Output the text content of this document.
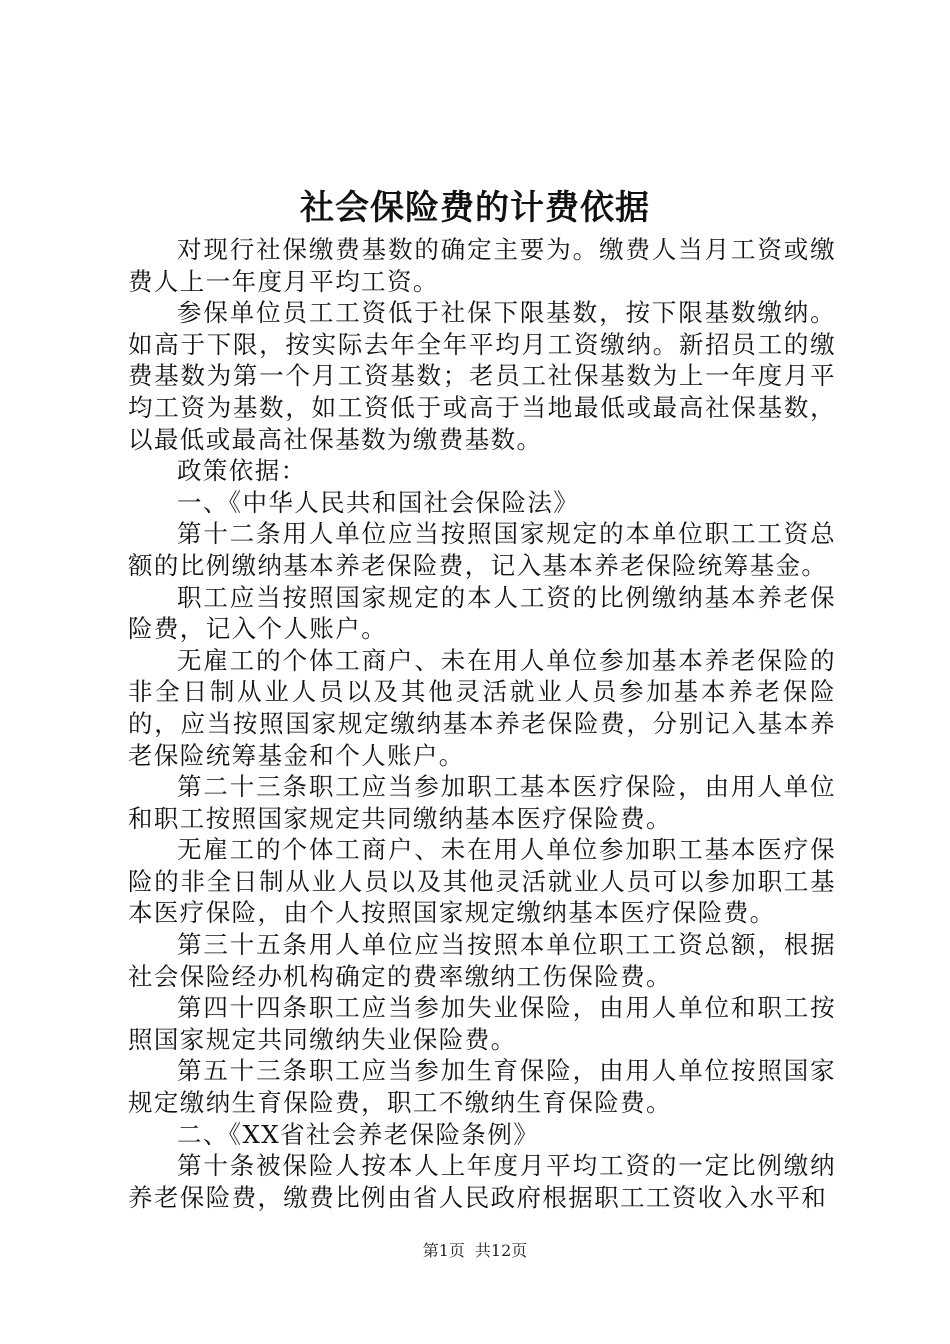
社会保险费的计费依据

对现行社保缴费基数的确定主要为。缴费人当月工资或缴费人上一年度月平均工资。

参保单位员工工资低于社保下限基数，按下限基数缴纳。如高于下限，按实际去年全年平均月工资缴纳。新招员工的缴费基数为第一个月工资基数；老员工社保基数为上一年度月平均工资为基数，如工资低于或高于当地最低或最高社保基数，以最低或最高社保基数为缴费基数。

政策依据：

一、《中华人民共和国社会保险法》

第十二条用人单位应当按照国家规定的本单位职工工资总额的比例缴纳基本养老保险费，记入基本养老保险统筹基金。

职工应当按照国家规定的本人工资的比例缴纳基本养老保险费，记入个人账户。

无雇工的个体工商户、未在用人单位参加基本养老保险的非全日制从业人员以及其他灵活就业人员参加基本养老保险的，应当按照国家规定缴纳基本养老保险费，分别记入基本养老保险统筹基金和个人账户。

第二十三条职工应当参加职工基本医疗保险，由用人单位和职工按照国家规定共同缴纳基本医疗保险费。

无雇工的个体工商户、未在用人单位参加职工基本医疗保险的非全日制从业人员以及其他灵活就业人员可以参加职工基本医疗保险，由个人按照国家规定缴纳基本医疗保险费。

第三十五条用人单位应当按照本单位职工工资总额，根据社会保险经办机构确定的费率缴纳工伤保险费。

第四十四条职工应当参加失业保险，由用人单位和职工按照国家规定共同缴纳失业保险费。

第五十三条职工应当参加生育保险，由用人单位按照国家规定缴纳生育保险费，职工不缴纳生育保险费。

二、《XX省社会养老保险条例》

第十条被保险人按本人上年度月平均工资的一定比例缴纳养老保险费，缴费比例由省人民政府根据职工工资收入水平和

第1页 共12页
